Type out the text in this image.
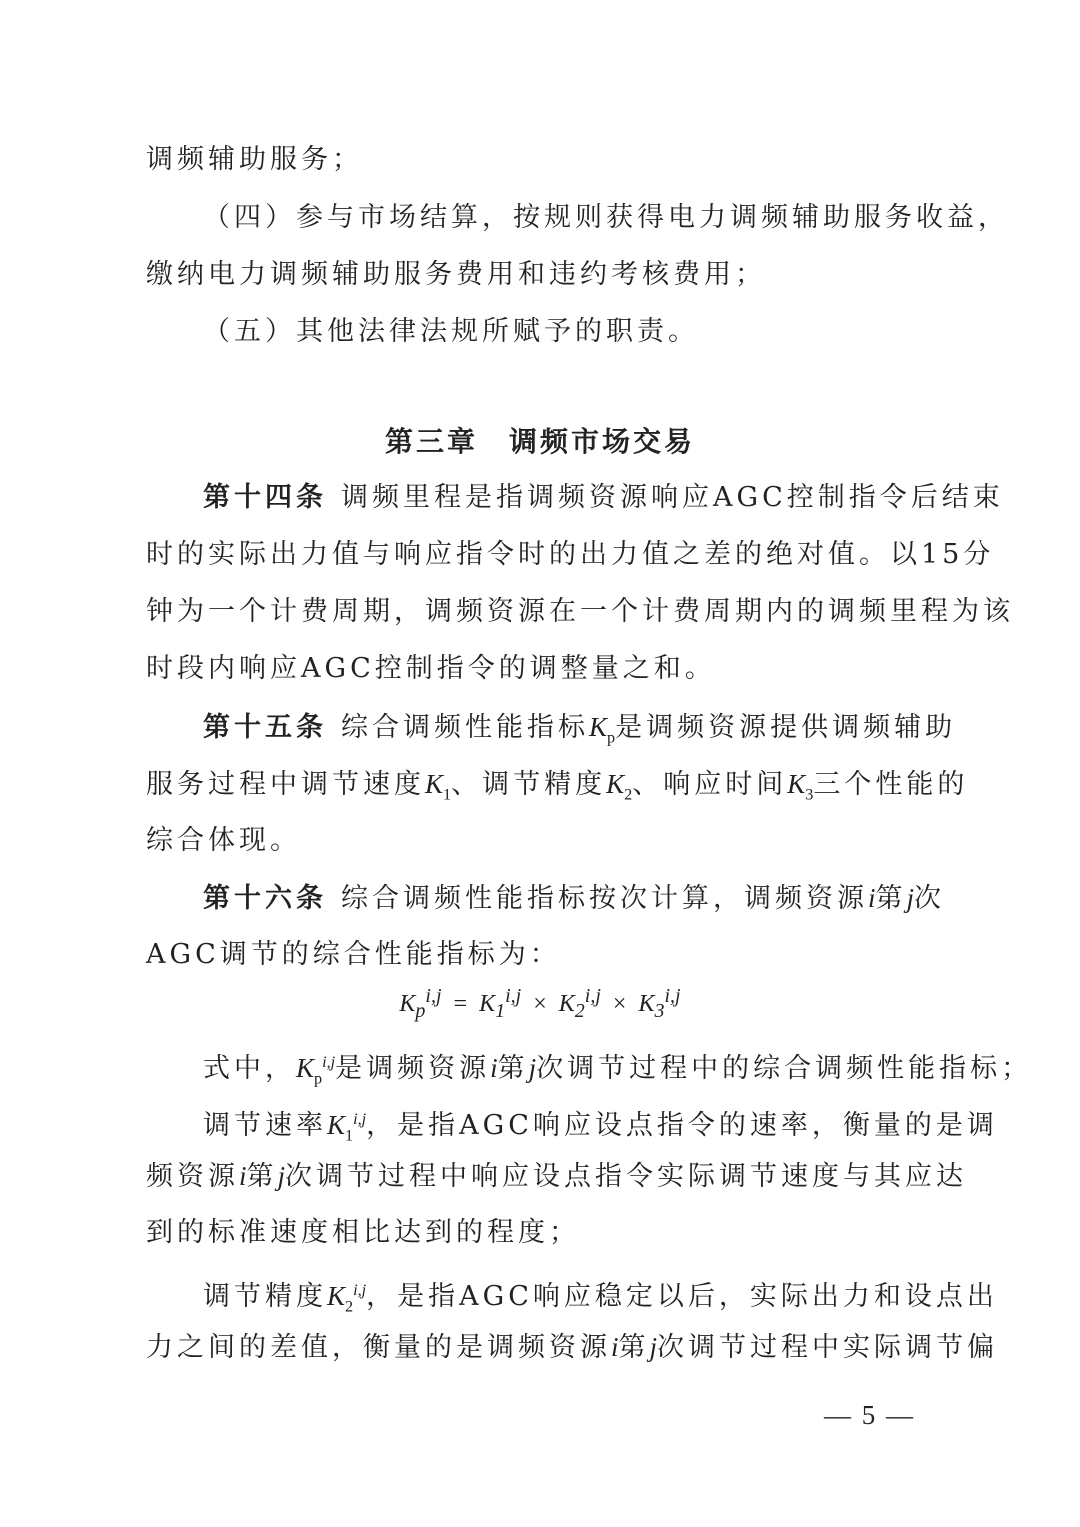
调频辅助服务；
（四）参与市场结算，按规则获得电力调频辅助服务收益，
缴纳电力调频辅助服务费用和违约考核费用；
（五）其他法律法规所赋予的职责。
第三章　调频市场交易
第十四条 调频里程是指调频资源响应AGC控制指令后结束
时的实际出力值与响应指令时的出力值之差的绝对值。以15分
钟为一个计费周期，调频资源在一个计费周期内的调频里程为该
时段内响应AGC控制指令的调整量之和。
第十五条 综合调频性能指标$K_p$是调频资源提供调频辅助
服务过程中调节速度$K_1$、调节精度$K_2$、响应时间$K_3$三个性能的
综合体现。
第十六条 综合调频性能指标按次计算，调频资源i第j次
AGC调节的综合性能指标为：
$K_p^{i,j} = K_1^{i,j} \times K_2^{i,j} \times K_3^{i,j}$
式中，$K_p^{i,j}$是调频资源i第j次调节过程中的综合调频性能指标；
调节速率$K_1^{i,j}$，是指AGC响应设点指令的速率，衡量的是调
频资源i第j次调节过程中响应设点指令实际调节速度与其应达
到的标准速度相比达到的程度；
调节精度$K_2^{i,j}$，是指AGC响应稳定以后，实际出力和设点出
力之间的差值，衡量的是调频资源i第j次调节过程中实际调节偏
— 5 —
